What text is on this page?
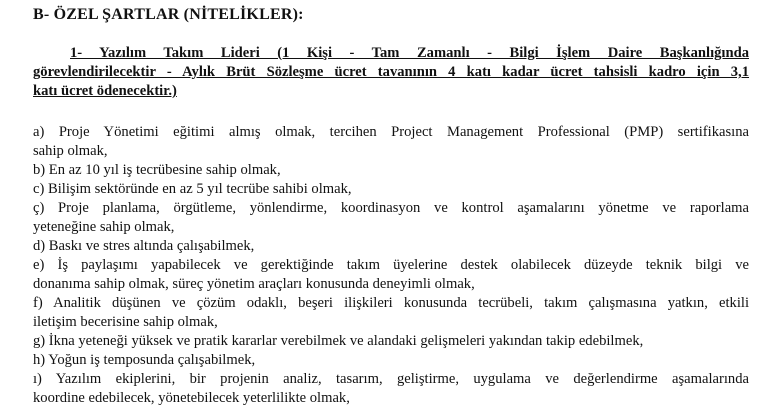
B- ÖZEL ŞARTLAR (NİTELİKLER):
1- Yazılım Takım Lideri (1 Kişi - Tam Zamanlı - Bilgi İşlem Daire Başkanlığında
görevlendirilecektir - Aylık Brüt Sözleşme ücret tavanının 4 katı kadar ücret tahsisli kadro için 3,1
katı ücret ödenecektir.)
a) Proje Yönetimi eğitimi almış olmak, tercihen Project Management Professional (PMP) sertifikasına
sahip olmak,
b) En az 10 yıl iş tecrübesine sahip olmak,
c) Bilişim sektöründe en az 5 yıl tecrübe sahibi olmak,
ç) Proje planlama, örgütleme, yönlendirme, koordinasyon ve kontrol aşamalarını yönetme ve raporlama
yeteneğine sahip olmak,
d) Baskı ve stres altında çalışabilmek,
e) İş paylaşımı yapabilecek ve gerektiğinde takım üyelerine destek olabilecek düzeyde teknik bilgi ve
donanıma sahip olmak, süreç yönetim araçları konusunda deneyimli olmak,
f) Analitik düşünen ve çözüm odaklı, beşeri ilişkileri konusunda tecrübeli, takım çalışmasına yatkın, etkili
iletişim becerisine sahip olmak,
g) İkna yeteneği yüksek ve pratik kararlar verebilmek ve alandaki gelişmeleri yakından takip edebilmek,
h) Yoğun iş temposunda çalışabilmek,
ı) Yazılım ekiplerini, bir projenin analiz, tasarım, geliştirme, uygulama ve değerlendirme aşamalarında
koordine edebilecek, yönetebilecek yeterlilikte olmak,
